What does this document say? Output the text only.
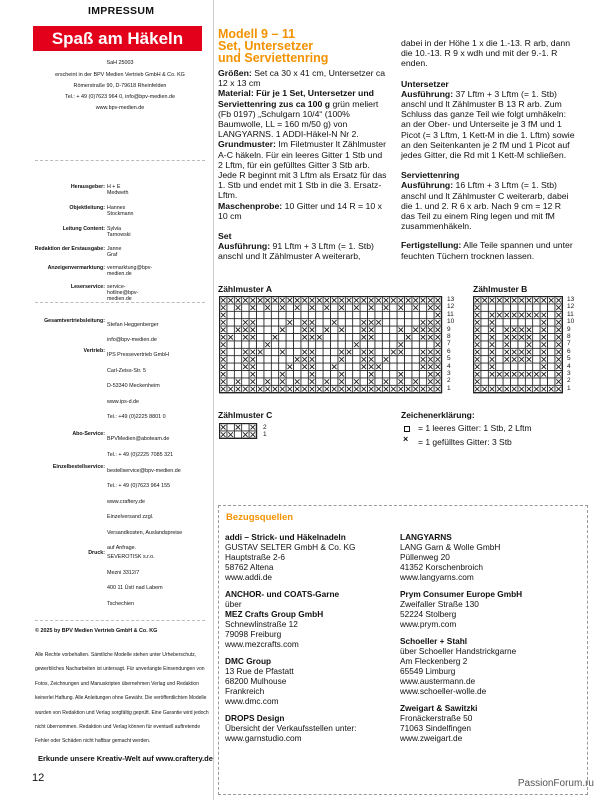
IMPRESSUM
Spaß am Häkeln
SaH 25003
erscheint in der BPV Medien Vertrieb GmbH & Co. KG
Römerstraße 90, D-79618 Rheinfelden
Tel.: + 49 (0)7623 964 0, info@bpv-medien.de
www.bpv-medien.de
Herausgeber: H + E Medweth
Objektleitung: Hannes Stockmann
Leitung Content: Sylvia Tarnowski
Redaktion der Erstausgabe: Janne Graf
Anzeigenvermarktung: vermarktung@bpv-medien.de
Leserservice: service-hotline@bpv-medien.de
Gesamtvertriebsleitung:
Stefan Heggenberger
info@bpv-medien.de
Vertrieb:
IPS Pressevertrieb GmbH
Carl-Zeiss-Str. 5
D-53340 Meckenheim
www.ips-d.de
Tel.: +49 (0)2225 8801 0
Abo-Service:
BPVMedien@aboteam.de
Tel.: + 49 (0)2225 7085 321
Einzelbestellservice:
bestellservice@bpv-medien.de
Tel.: + 49 (0)7623 964 155
www.craftery.de
Einzelversand zzgl.
Versandkosten, Auslandspreise
auf Anfrage.
Druck:
SEVEROTISK s.r.o.
Mezni 3312/7
400 11 Ústí nad Labem
Tschechien
© 2025 by BPV Medien Vertrieb GmbH & Co. KG
Alle Rechte vorbehalten. Sämtliche Modelle stehen unter Urheberschutz,
gewerbliches Nacharbeiten ist untersagt. Für unverlangte Einsendungen von
Fotos, Zeichnungen und Manuskripten übernehmen Verlag und Redaktion
keinerlei Haftung. Alle Anleitungen ohne Gewähr. Die veröffentlichten Modelle
wurden von Redaktion und Verlag sorgfältig geprüft. Eine Garantie wird jedoch
nicht übernommen. Redaktion und Verlag können für eventuell auftretende
Fehler oder Schäden nicht haftbar gemacht werden.
Erkunde unsere Kreativ-Welt auf www.craftery.de
12
Modell 9 – 11
Set, Untersetzer
und Serviettenring
Größen: Set ca 30 x 41 cm, Untersetzer ca 12 x 13 cm
Material: Für je 1 Set, Untersetzer und Serviettenring zus ca 100 g grün meliert (Fb 0197) „Schulgarn 10/4“ (100% Baumwolle, LL = 160 m/50 g) von LANGYARNS. 1 ADDI-Häkel-N Nr 2.
Grundmuster: Im Filetmuster lt Zählmuster A-C häkeln. Für ein leeres Gitter 1 Stb und 2 Lftm, für ein gefülltes Gitter 3 Stb arb. Jede R beginnt mit 3 Lftm als Ersatz für das 1. Stb und endet mit 1 Stb in die 3. Ersatz-Lftm.
Maschenprobe: 10 Gitter und 14 R = 10 x 10 cm
Set
Ausführung: 91 Lftm + 3 Lftm (= 1. Stb) anschl und lt Zählmuster A weiterarb,
dabei in der Höhe 1 x die 1.-13. R arb, dann die 10.-13. R 9 x wdh und mit der 9.-1. R enden.
Untersetzer
Ausführung: 37 Lftm + 3 Lftm (= 1. Stb) anschl und lt Zählmuster B 13 R arb. Zum Schluss das ganze Teil wie folgt umhäkeln: an der Ober- und Unterseite je 3 fM und 1 Picot (= 3 Lftm, 1 Kett-M in die 1. Lftm) sowie an den Seitenkanten je 2 fM und 1 Picot auf jedes Gitter, die Rd mit 1 Kett-M schließen.
Serviettenring
Ausführung: 16 Lftm + 3 Lftm (= 1. Stb) anschl und lt Zählmuster C weiterarb, dabei die 1. und 2. R 6 x arb. Nach 9 cm = 12 R das Teil zu einem Ring legen und mit fM zusammenhäkeln.
Fertigstellung: Alle Teile spannen und unter feuchten Tüchern trocknen lassen.
Zählmuster A	Zählmuster B
13
12
11
10
9
8
7
6
5
4
3
2
1
13
12
11
10
9
8
7
6
5
4
3
2
1
Zählmuster C
2
1
Zeichenerklärung:
= 1 leeres Gitter: 1 Stb, 2 Lftm
× = 1 gefülltes Gitter: 3 Stb
Bezugsquellen
addi – Strick- und Häkelnadeln
GUSTAV SELTER GmbH & Co. KG
Hauptstraße 2-6
58762 Altena
www.addi.de
ANCHOR- und COATS-Garne
über
MEZ Crafts Group GmbH
Schnewlinstraße 12
79098 Freiburg
www.mezcrafts.com
DMC Group
13 Rue de Pfastatt
68200 Mulhouse
Frankreich
www.dmc.com
DROPS Design
Übersicht der Verkaufsstellen unter:
www.garnstudio.com
LANGYARNS
LANG Garn & Wolle GmbH
Püllenweg 20
41352 Korschenbroich
www.langyarns.com
Prym Consumer Europe GmbH
Zweifaller Straße 130
52224 Stolberg
www.prym.com
Schoeller + Stahl
über Schoeller Handstrickgarne
Am Fleckenberg 2
65549 Limburg
www.austermann.de
www.schoeller-wolle.de
Zweigart & Sawitzki
Fronäckerstraße 50
71063 Sindelfingen
www.zweigart.de
PassionForum.ru
